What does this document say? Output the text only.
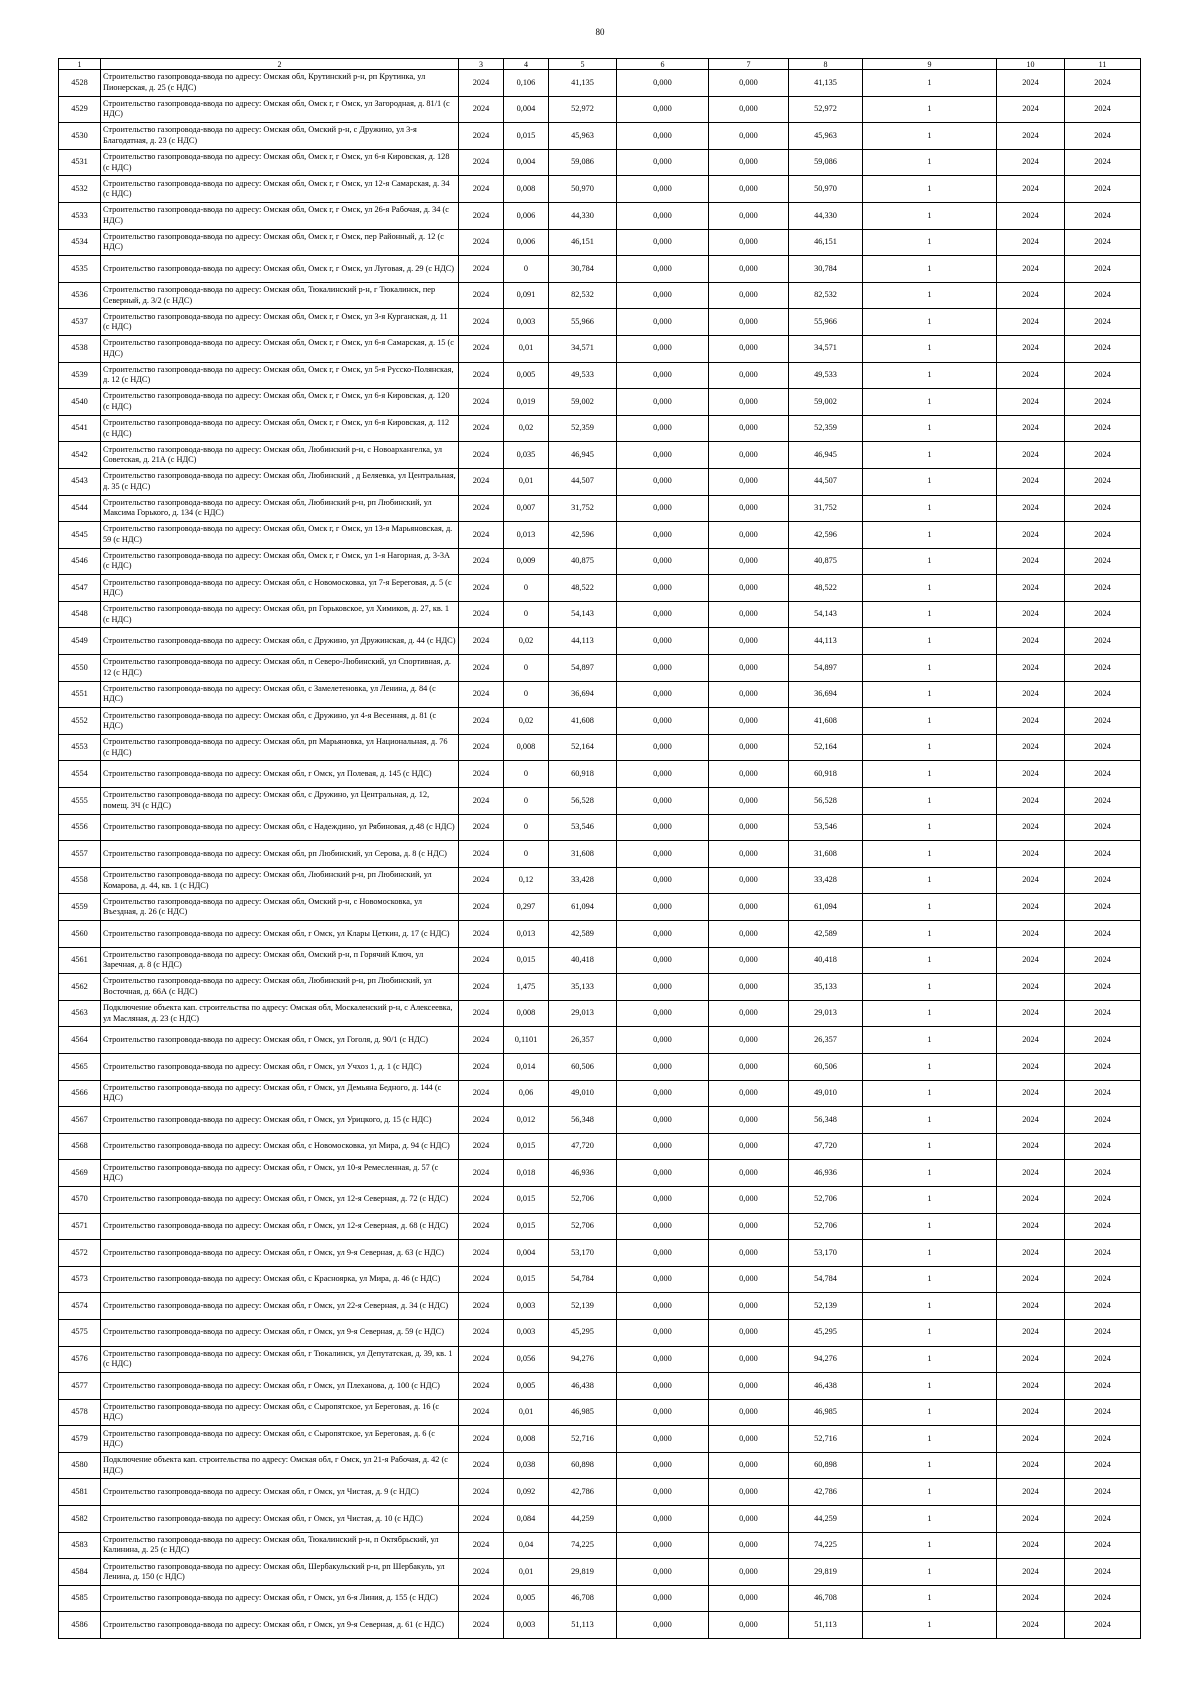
80
1	2	3	4	5	6	7	8	9	10	11
4528	Строительство газопровода-ввода по адресу: Омская обл, Крутинский р-н, рп Крутинка, ул Пионерская, д. 25 (с НДС)	2024	0,106	41,135	0,000	0,000	41,135	1	2024	2024
4529	Строительство газопровода-ввода по адресу: Омская обл, Омск г, г Омск, ул Загородная, д. 81/1 (с НДС)	2024	0,004	52,972	0,000	0,000	52,972	1	2024	2024
4530	Строительство газопровода-ввода по адресу: Омская обл, Омский р-н, с Дружино, ул 3-я Благодатная, д. 23 (с НДС)	2024	0,015	45,963	0,000	0,000	45,963	1	2024	2024
4531	Строительство газопровода-ввода по адресу: Омская обл, Омск г, г Омск, ул 6-я Кировская, д. 128 (с НДС)	2024	0,004	59,086	0,000	0,000	59,086	1	2024	2024
4532	Строительство газопровода-ввода по адресу: Омская обл, Омск г, г Омск, ул 12-я Самарская, д. 34 (с НДС)	2024	0,008	50,970	0,000	0,000	50,970	1	2024	2024
4533	Строительство газопровода-ввода по адресу: Омская обл, Омск г, г Омск, ул 26-я Рабочая, д. 34 (с НДС)	2024	0,006	44,330	0,000	0,000	44,330	1	2024	2024
4534	Строительство газопровода-ввода по адресу: Омская обл, Омск г, г Омск, пер Районный, д. 12 (с НДС)	2024	0,006	46,151	0,000	0,000	46,151	1	2024	2024
4535	Строительство газопровода-ввода по адресу: Омская обл, Омск г, г Омск, ул Луговая, д. 29 (с НДС)	2024	0	30,784	0,000	0,000	30,784	1	2024	2024
4536	Строительство газопровода-ввода по адресу: Омская обл, Тюкалинский р-н, г Тюкалинск, пер Северный, д. 3/2 (с НДС)	2024	0,091	82,532	0,000	0,000	82,532	1	2024	2024
4537	Строительство газопровода-ввода по адресу: Омская обл, Омск г, г Омск, ул 3-я Курганская, д. 11 (с НДС)	2024	0,003	55,966	0,000	0,000	55,966	1	2024	2024
4538	Строительство газопровода-ввода по адресу: Омская обл, Омск г, г Омск, ул 6-я Самарская, д. 15 (с НДС)	2024	0,01	34,571	0,000	0,000	34,571	1	2024	2024
4539	Строительство газопровода-ввода по адресу: Омская обл, Омск г, г Омск, ул 5-я Русско-Полянская, д. 12 (с НДС)	2024	0,005	49,533	0,000	0,000	49,533	1	2024	2024
4540	Строительство газопровода-ввода по адресу: Омская обл, Омск г, г Омск, ул 6-я Кировская, д. 120 (с НДС)	2024	0,019	59,002	0,000	0,000	59,002	1	2024	2024
4541	Строительство газопровода-ввода по адресу: Омская обл, Омск г, г Омск, ул 6-я Кировская, д. 112 (с НДС)	2024	0,02	52,359	0,000	0,000	52,359	1	2024	2024
4542	Строительство газопровода-ввода по адресу: Омская обл, Любинский р-н, с Новоархангелка, ул Советская, д. 21А (с НДС)	2024	0,035	46,945	0,000	0,000	46,945	1	2024	2024
4543	Строительство газопровода-ввода по адресу: Омская обл, Любинский , д Беляевка, ул Центральная, д. 35 (с НДС)	2024	0,01	44,507	0,000	0,000	44,507	1	2024	2024
4544	Строительство газопровода-ввода по адресу: Омская обл, Любинский р-н, рп Любинский, ул Максима Горького, д. 134 (с НДС)	2024	0,007	31,752	0,000	0,000	31,752	1	2024	2024
4545	Строительство газопровода-ввода по адресу: Омская обл, Омск г, г Омск, ул 13-я Марьяновская, д. 59 (с НДС)	2024	0,013	42,596	0,000	0,000	42,596	1	2024	2024
4546	Строительство газопровода-ввода по адресу: Омская обл, Омск г, г Омск, ул 1-я Нагорная, д. 3-3А (с НДС)	2024	0,009	40,875	0,000	0,000	40,875	1	2024	2024
4547	Строительство газопровода-ввода по адресу: Омская обл, с Новомосковка, ул 7-я Береговая, д. 5 (с НДС)	2024	0	48,522	0,000	0,000	48,522	1	2024	2024
4548	Строительство газопровода-ввода по адресу: Омская обл, рп Горьковское, ул Химиков, д. 27, кв. 1 (с НДС)	2024	0	54,143	0,000	0,000	54,143	1	2024	2024
4549	Строительство газопровода-ввода по адресу: Омская обл, с Дружино, ул Дружинская, д. 44 (с НДС)	2024	0,02	44,113	0,000	0,000	44,113	1	2024	2024
4550	Строительство газопровода-ввода по адресу: Омская обл, п Северо-Любинский, ул Спортивная, д. 12 (с НДС)	2024	0	54,897	0,000	0,000	54,897	1	2024	2024
4551	Строительство газопровода-ввода по адресу: Омская обл, с Замелетеновка, ул Ленина, д. 84 (с НДС)	2024	0	36,694	0,000	0,000	36,694	1	2024	2024
4552	Строительство газопровода-ввода по адресу: Омская обл, с Дружино, ул 4-я Весенняя, д. 81 (с НДС)	2024	0,02	41,608	0,000	0,000	41,608	1	2024	2024
4553	Строительство газопровода-ввода по адресу: Омская обл, рп Марьяновка, ул Национальная, д. 76 (с НДС)	2024	0,008	52,164	0,000	0,000	52,164	1	2024	2024
4554	Строительство газопровода-ввода по адресу: Омская обл, г Омск, ул Полевая, д. 145 (с НДС)	2024	0	60,918	0,000	0,000	60,918	1	2024	2024
4555	Строительство газопровода-ввода по адресу: Омская обл, с Дружино, ул Центральная, д. 12, помещ. 3Ч (с НДС)	2024	0	56,528	0,000	0,000	56,528	1	2024	2024
4556	Строительство газопровода-ввода по адресу: Омская обл, с Надеждино, ул Рябиновая, д.48 (с НДС)	2024	0	53,546	0,000	0,000	53,546	1	2024	2024
4557	Строительство газопровода-ввода по адресу: Омская обл, рп Любинский, ул Серова, д. 8 (с НДС)	2024	0	31,608	0,000	0,000	31,608	1	2024	2024
4558	Строительство газопровода-ввода по адресу: Омская обл, Любинский р-н, рп Любинский, ул Комарова, д. 44, кв. 1 (с НДС)	2024	0,12	33,428	0,000	0,000	33,428	1	2024	2024
4559	Строительство газопровода-ввода по адресу: Омская обл, Омский р-н, с Новомосковка, ул Въездная, д. 26 (с НДС)	2024	0,297	61,094	0,000	0,000	61,094	1	2024	2024
4560	Строительство газопровода-ввода по адресу: Омская обл, г Омск, ул Клары Цеткин, д. 17 (с НДС)	2024	0,013	42,589	0,000	0,000	42,589	1	2024	2024
4561	Строительство газопровода-ввода по адресу: Омская обл, Омский р-н, п Горячий Ключ, ул Заречная, д. 8 (с НДС)	2024	0,015	40,418	0,000	0,000	40,418	1	2024	2024
4562	Строительство газопровода-ввода по адресу: Омская обл, Любинский р-н, рп Любинский, ул Восточная, д. 66А (с НДС)	2024	1,475	35,133	0,000	0,000	35,133	1	2024	2024
4563	Подключение объекта кап. строительства по адресу: Омская обл, Москаленский р-н, с Алексеевка, ул Масляная, д. 23 (с НДС)	2024	0,008	29,013	0,000	0,000	29,013	1	2024	2024
4564	Строительство газопровода-ввода по адресу: Омская обл, г Омск, ул Гоголя, д. 90/1 (с НДС)	2024	0,1101	26,357	0,000	0,000	26,357	1	2024	2024
4565	Строительство газопровода-ввода по адресу: Омская обл, г Омск, ул Учхоз 1, д. 1 (с НДС)	2024	0,014	60,506	0,000	0,000	60,506	1	2024	2024
4566	Строительство газопровода-ввода по адресу: Омская обл, г Омск, ул Демьяна Бедного, д. 144 (с НДС)	2024	0,06	49,010	0,000	0,000	49,010	1	2024	2024
4567	Строительство газопровода-ввода по адресу: Омская обл, г Омск, ул Урицкого, д. 15 (с НДС)	2024	0,012	56,348	0,000	0,000	56,348	1	2024	2024
4568	Строительство газопровода-ввода по адресу: Омская обл, с Новомосковка, ул Мира, д. 94 (с НДС)	2024	0,015	47,720	0,000	0,000	47,720	1	2024	2024
4569	Строительство газопровода-ввода по адресу: Омская обл, г Омск, ул 10-я Ремесленная, д. 57 (с НДС)	2024	0,018	46,936	0,000	0,000	46,936	1	2024	2024
4570	Строительство газопровода-ввода по адресу: Омская обл, г Омск, ул 12-я Северная, д. 72 (с НДС)	2024	0,015	52,706	0,000	0,000	52,706	1	2024	2024
4571	Строительство газопровода-ввода по адресу: Омская обл, г Омск, ул 12-я Северная, д. 68 (с НДС)	2024	0,015	52,706	0,000	0,000	52,706	1	2024	2024
4572	Строительство газопровода-ввода по адресу: Омская обл, г Омск, ул 9-я Северная, д. 63 (с НДС)	2024	0,004	53,170	0,000	0,000	53,170	1	2024	2024
4573	Строительство газопровода-ввода по адресу: Омская обл, с Красноярка, ул Мира, д. 46 (с НДС)	2024	0,015	54,784	0,000	0,000	54,784	1	2024	2024
4574	Строительство газопровода-ввода по адресу: Омская обл, г Омск, ул 22-я Северная, д. 34 (с НДС)	2024	0,003	52,139	0,000	0,000	52,139	1	2024	2024
4575	Строительство газопровода-ввода по адресу: Омская обл, г Омск, ул 9-я Северная, д. 59 (с НДС)	2024	0,003	45,295	0,000	0,000	45,295	1	2024	2024
4576	Строительство газопровода-ввода по адресу: Омская обл, г Тюкалинск, ул Депутатская, д. 39, кв. 1 (с НДС)	2024	0,056	94,276	0,000	0,000	94,276	1	2024	2024
4577	Строительство газопровода-ввода по адресу: Омская обл, г Омск, ул Плеханова, д. 100 (с НДС)	2024	0,005	46,438	0,000	0,000	46,438	1	2024	2024
4578	Строительство газопровода-ввода по адресу: Омская обл, с Сыропятское, ул Береговая, д. 16 (с НДС)	2024	0,01	46,985	0,000	0,000	46,985	1	2024	2024
4579	Строительство газопровода-ввода по адресу: Омская обл, с Сыропятское, ул Береговая, д. 6 (с НДС)	2024	0,008	52,716	0,000	0,000	52,716	1	2024	2024
4580	Подключение объекта кап. строительства по адресу: Омская обл, г Омск, ул 21-я Рабочая, д. 42 (с НДС)	2024	0,038	60,898	0,000	0,000	60,898	1	2024	2024
4581	Строительство газопровода-ввода по адресу: Омская обл, г Омск, ул Чистая, д. 9 (с НДС)	2024	0,092	42,786	0,000	0,000	42,786	1	2024	2024
4582	Строительство газопровода-ввода по адресу: Омская обл, г Омск, ул Чистая, д. 10 (с НДС)	2024	0,084	44,259	0,000	0,000	44,259	1	2024	2024
4583	Строительство газопровода-ввода по адресу: Омская обл, Тюкалинский р-н, п Октябрьский, ул Калинина, д. 25 (с НДС)	2024	0,04	74,225	0,000	0,000	74,225	1	2024	2024
4584	Строительство газопровода-ввода по адресу: Омская обл, Шербакульский р-н, рп Шербакуль, ул Ленина, д. 150 (с НДС)	2024	0,01	29,819	0,000	0,000	29,819	1	2024	2024
4585	Строительство газопровода-ввода по адресу: Омская обл, г Омск, ул 6-я Линия, д. 155 (с НДС)	2024	0,005	46,708	0,000	0,000	46,708	1	2024	2024
4586	Строительство газопровода-ввода по адресу: Омская обл, г Омск, ул 9-я Северная, д. 61 (с НДС)	2024	0,003	51,113	0,000	0,000	51,113	1	2024	2024
